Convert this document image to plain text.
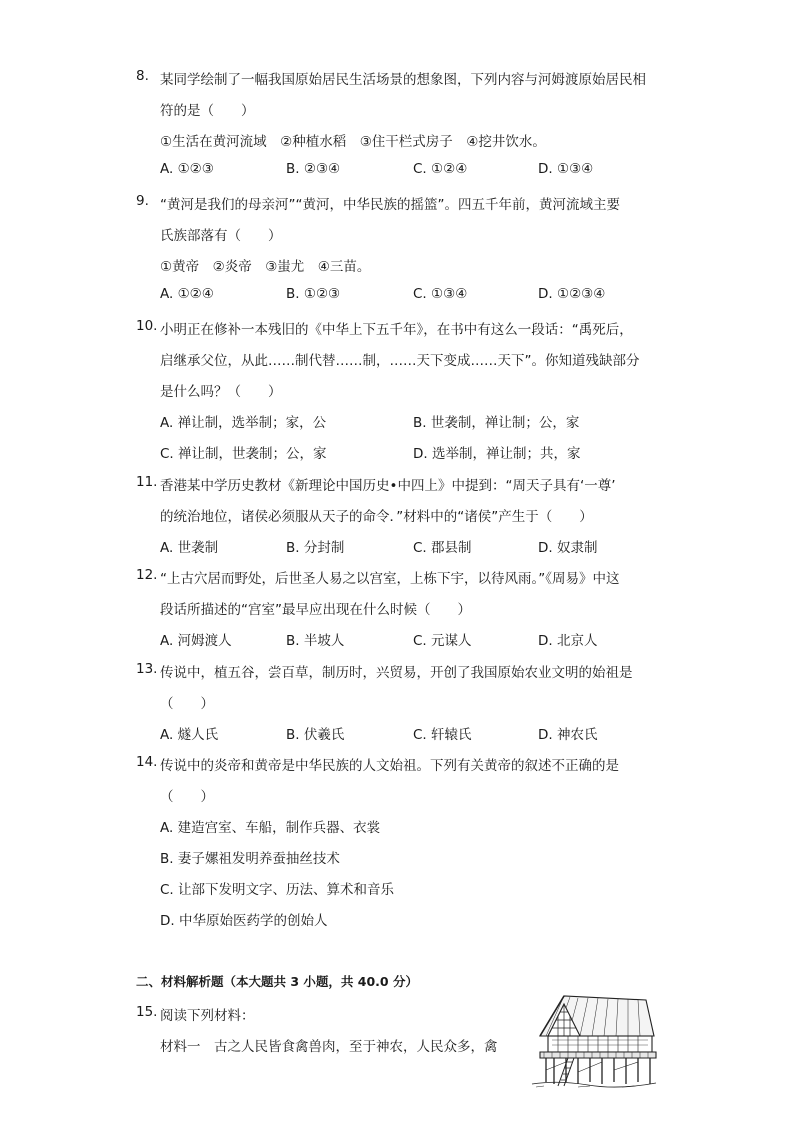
8. 某同学绘制了一幅我国原始居民生活场景的想象图，下列内容与河姆渡原始居民相
符的是（　　）
①生活在黄河流域　②种植水稻　③住干栏式房子　④挖井饮水。
A. ①②③	B. ②③④	C. ①②④	D. ①③④
9. “黄河是我们的母亲河”“黄河，中华民族的摇篮”。四五千年前，黄河流域主要
氏族部落有（　　）
①黄帝　②炎帝　③蚩尤　④三苗。
A. ①②④	B. ①②③	C. ①③④	D. ①②③④
10. 小明正在修补一本残旧的《中华上下五千年》，在书中有这么一段话：“禹死后，
启继承父位，从此……制代替……制，……天下变成……天下”。你知道残缺部分
是什么吗？（　　）
A. 禅让制，选举制；家，公	B. 世袭制，禅让制；公，家
C. 禅让制，世袭制；公，家	D. 选举制，禅让制；共，家
11. 香港某中学历史教材《新理论中国历史•中四上》中提到：“周天子具有‘一尊’
的统治地位，诸侯必须服从天子的命令．”材料中的“诸侯”产生于（　　）
A. 世袭制	B. 分封制	C. 郡县制	D. 奴隶制
12. “上古穴居而野处，后世圣人易之以宫室，上栋下宇，以待风雨。”《周易》中这
段话所描述的“宫室”最早应出现在什么时候（　　）
A. 河姆渡人	B. 半坡人	C. 元谋人	D. 北京人
13. 传说中，植五谷，尝百草，制历时，兴贸易，开创了我国原始农业文明的始祖是
（　　）
A. 燧人氏	B. 伏羲氏	C. 轩辕氏	D. 神农氏
14. 传说中的炎帝和黄帝是中华民族的人文始祖。下列有关黄帝的叙述不正确的是
（　　）
A. 建造宫室、车船，制作兵器、衣裳
B. 妻子嫘祖发明养蚕抽丝技术
C. 让部下发明文字、历法、算术和音乐
D. 中华原始医药学的创始人
二、材料解析题（本大题共 3 小题，共 40.0 分）
15. 阅读下列材料：
材料一　古之人民皆食禽兽肉，至于神农，人民众多，禽
